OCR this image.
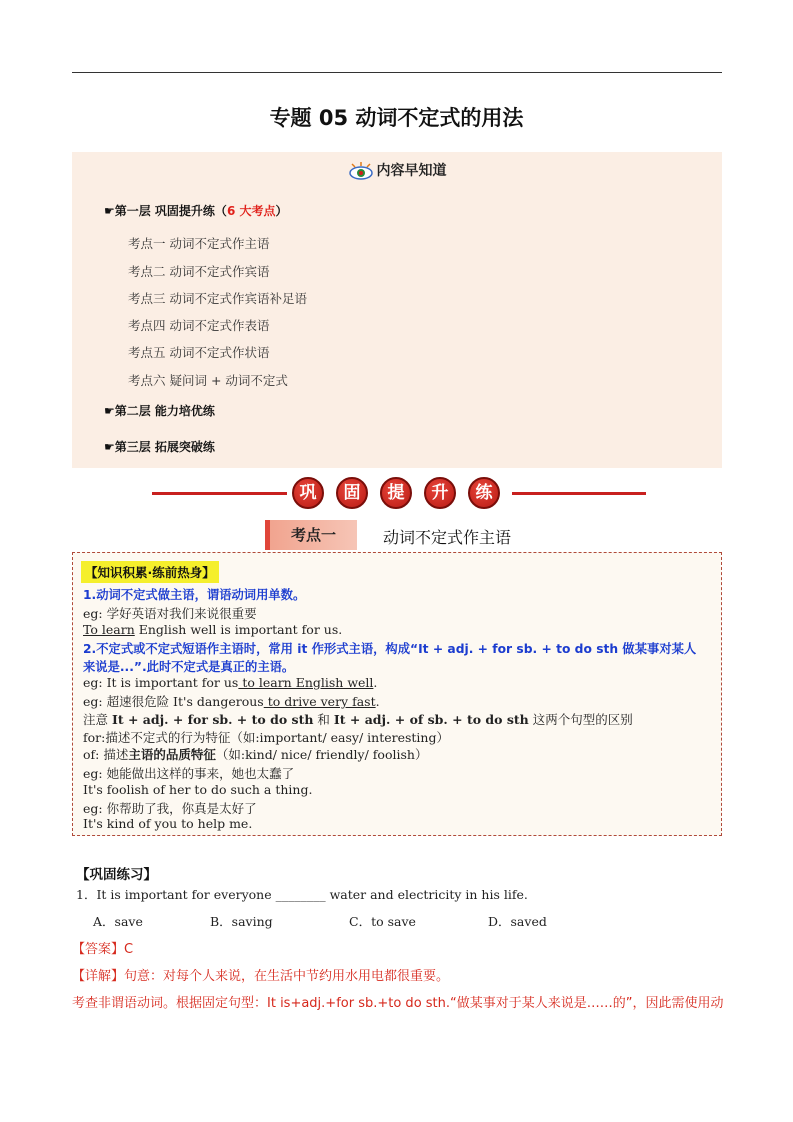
专题 05 动词不定式的用法
内容早知道
☛第一层 巩固提升练（6 大考点）
考点一 动词不定式作主语
考点二 动词不定式作宾语
考点三 动词不定式作宾语补足语
考点四 动词不定式作表语
考点五 动词不定式作状语
考点六 疑问词 + 动词不定式
☛第二层 能力培优练
☛第三层 拓展突破练
巩	固	提	升	练
考点一	动词不定式作主语
【知识积累·练前热身】
1.动词不定式做主语，谓语动词用单数。
eg: 学好英语对我们来说很重要
To learn English well is important for us.
2.不定式或不定式短语作主语时，常用 it 作形式主语，构成“It + adj. + for sb. + to do sth 做某事对某人
来说是...”.此时不定式是真正的主语。
eg: It is important for us to learn English well.
eg: 超速很危险 It's dangerous to drive very fast.
注意 It + adj. + for sb. + to do sth 和 It + adj. + of sb. + to do sth 这两个句型的区别
for:描述不定式的行为特征（如:important/ easy/ interesting）
of: 描述主语的品质特征（如:kind/ nice/ friendly/ foolish）
eg: 她能做出这样的事来，她也太蠢了
It's foolish of her to do such a thing.
eg: 你帮助了我，你真是太好了
It's kind of you to help me.
【巩固练习】
1．It is important for everyone ________ water and electricity in his life.
A．save	B．saving	C．to save	D．saved
【答案】C
【详解】句意：对每个人来说，在生活中节约用水用电都很重要。
考查非谓语动词。根据固定句型：It is+adj.+for sb.+to do sth.“做某事对于某人来说是……的”，因此需使用动
